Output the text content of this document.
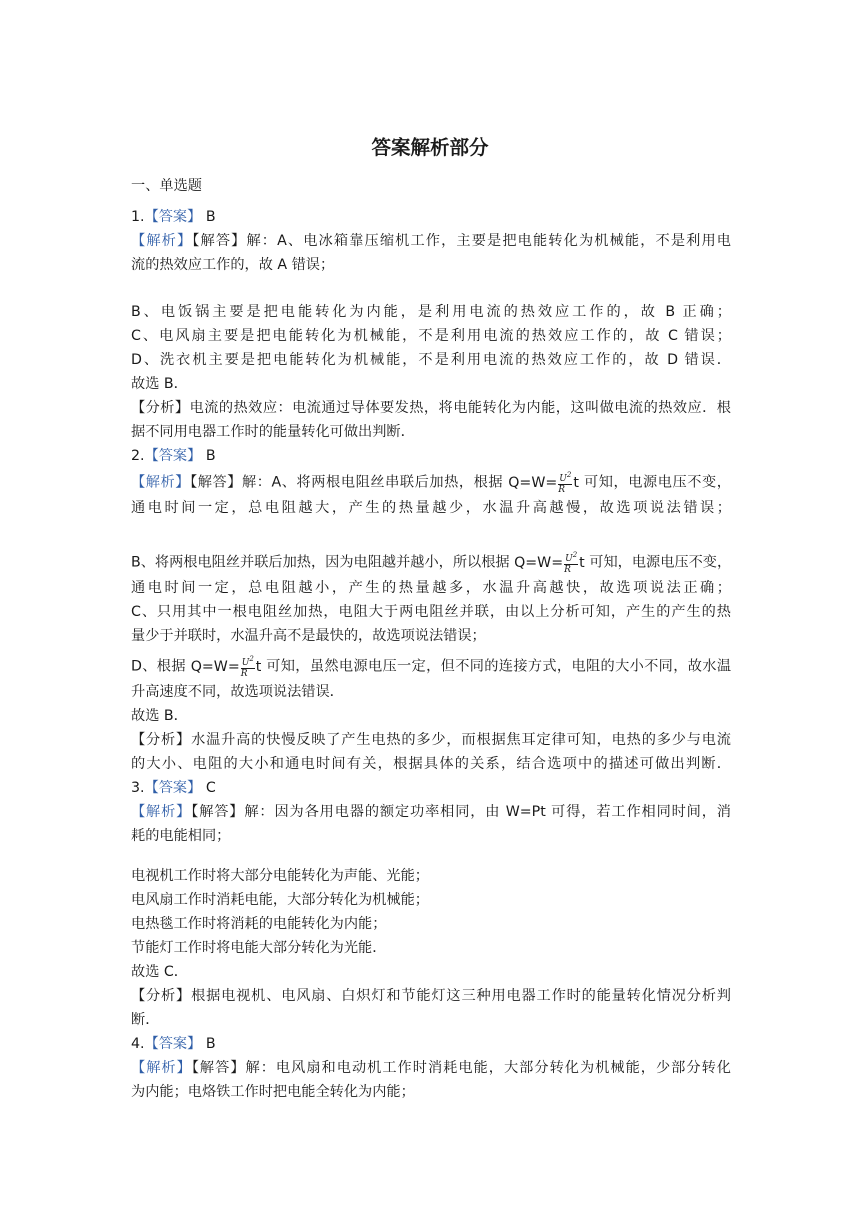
答案解析部分
一、单选题
1.【答案】 B
【解析】【解答】解：A、电冰箱靠压缩机工作，主要是把电能转化为机械能，不是利用电
流的热效应工作的，故 A 错误；
B、电饭锅主要是把电能转化为内能，是利用电流的热效应工作的，故 B 正确；
C、电风扇主要是把电能转化为机械能，不是利用电流的热效应工作的，故 C 错误；
D、洗衣机主要是把电能转化为机械能，不是利用电流的热效应工作的，故 D 错误．
故选 B．
【分析】电流的热效应：电流通过导体要发热，将电能转化为内能，这叫做电流的热效应．根
据不同用电器工作时的能量转化可做出判断．
2.【答案】 B
【解析】【解答】解：A、将两根电阻丝串联后加热，根据 $Q=W= \frac{U^2}{R}$ t 可知，电源电压不变，
通电时间一定，总电阻越大，产生的热量越少，水温升高越慢，故选项说法错误；
B、将两根电阻丝并联后加热，因为电阻越并越小，所以根据 $Q=W= \frac{U^2}{R}$ t 可知，电源电压不变，
通电时间一定，总电阻越小，产生的热量越多，水温升高越快，故选项说法正确；
C、只用其中一根电阻丝加热，电阻大于两电阻丝并联，由以上分析可知，产生的产生的热
量少于并联时，水温升高不是最快的，故选项说法错误；
D、根据 $Q=W= \frac{U^2}{R}$ t 可知，虽然电源电压一定，但不同的连接方式，电阻的大小不同，故水温
升高速度不同，故选项说法错误．
故选 B．
【分析】水温升高的快慢反映了产生电热的多少，而根据焦耳定律可知，电热的多少与电流
的大小、电阻的大小和通电时间有关，根据具体的关系，结合选项中的描述可做出判断．
3.【答案】 C
【解析】【解答】解：因为各用电器的额定功率相同，由 W=Pt 可得，若工作相同时间，消
耗的电能相同；
电视机工作时将大部分电能转化为声能、光能；
电风扇工作时消耗电能，大部分转化为机械能；
电热毯工作时将消耗的电能转化为内能；
节能灯工作时将电能大部分转化为光能．
故选 C．
【分析】根据电视机、电风扇、白炽灯和节能灯这三种用电器工作时的能量转化情况分析判
断．
4.【答案】 B
【解析】【解答】解：电风扇和电动机工作时消耗电能，大部分转化为机械能，少部分转化
为内能；电烙铁工作时把电能全转化为内能；
